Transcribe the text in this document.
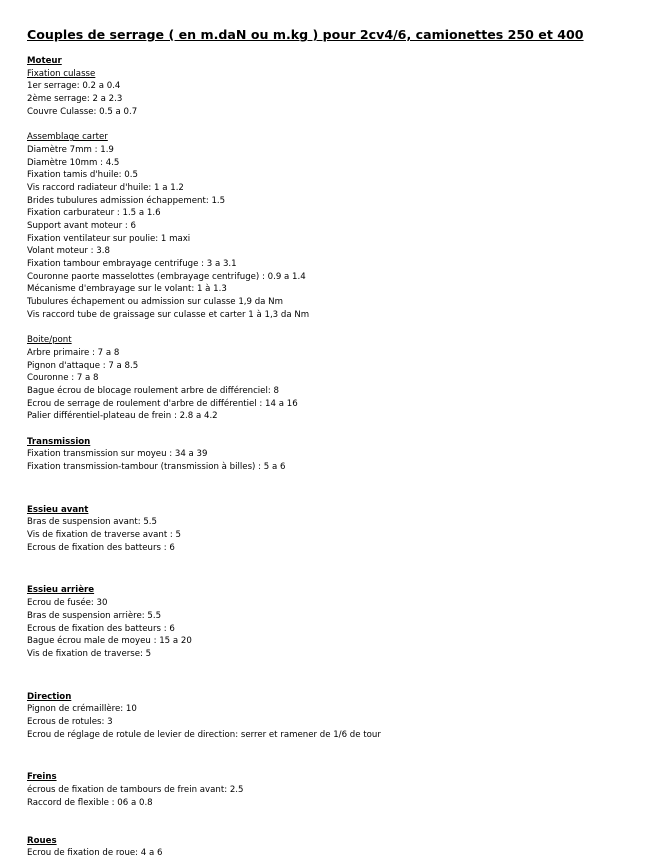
Couples de serrage ( en m.daN ou m.kg ) pour 2cv4/6, camionettes 250 et 400
Moteur
Fixation culasse
1er serrage: 0.2 a 0.4
2ème serrage: 2 a 2.3
Couvre Culasse: 0.5 a 0.7
Assemblage carter
Diamètre 7mm : 1.9
Diamètre 10mm : 4.5
Fixation tamis d'huile: 0.5
Vis raccord radiateur d'huile: 1 a 1.2
Brides tubulures admission échappement: 1.5
Fixation carburateur : 1.5 a 1.6
Support avant moteur : 6
Fixation ventilateur sur poulie: 1 maxi
Volant moteur : 3.8
Fixation tambour embrayage centrifuge : 3 a 3.1
Couronne paorte masselottes (embrayage centrifuge) : 0.9 a 1.4
Mécanisme d'embrayage sur le volant: 1 à 1.3
Tubulures échapement ou admission sur culasse 1,9 da Nm
Vis raccord tube de graissage sur culasse et carter 1 à 1,3 da Nm
Boite/pont
Arbre primaire : 7 a 8
Pignon d'attaque : 7 a 8.5
Couronne : 7 a 8
Bague écrou de blocage roulement arbre de différenciel: 8
Ecrou de serrage de roulement d'arbre de différentiel : 14 a 16
Palier différentiel-plateau de frein : 2.8 a 4.2
Transmission
Fixation transmission sur moyeu : 34 a 39
Fixation transmission-tambour (transmission à billes) : 5 a 6
Essieu avant
Bras de suspension avant: 5.5
Vis de fixation de traverse avant : 5
Ecrous de fixation des batteurs : 6
Essieu arrière
Ecrou de fusée: 30
Bras de suspension arrière: 5.5
Ecrous de fixation des batteurs : 6
Bague écrou male de moyeu : 15 a 20
Vis de fixation de traverse: 5
Direction
Pignon de crémaillère: 10
Ecrous de rotules: 3
Ecrou de réglage de rotule de levier de direction: serrer et ramener de 1/6 de tour
Freins
écrous de fixation de tambours de frein avant: 2.5
Raccord de flexible : 06 a 0.8
Roues
Ecrou de fixation de roue: 4 a 6
